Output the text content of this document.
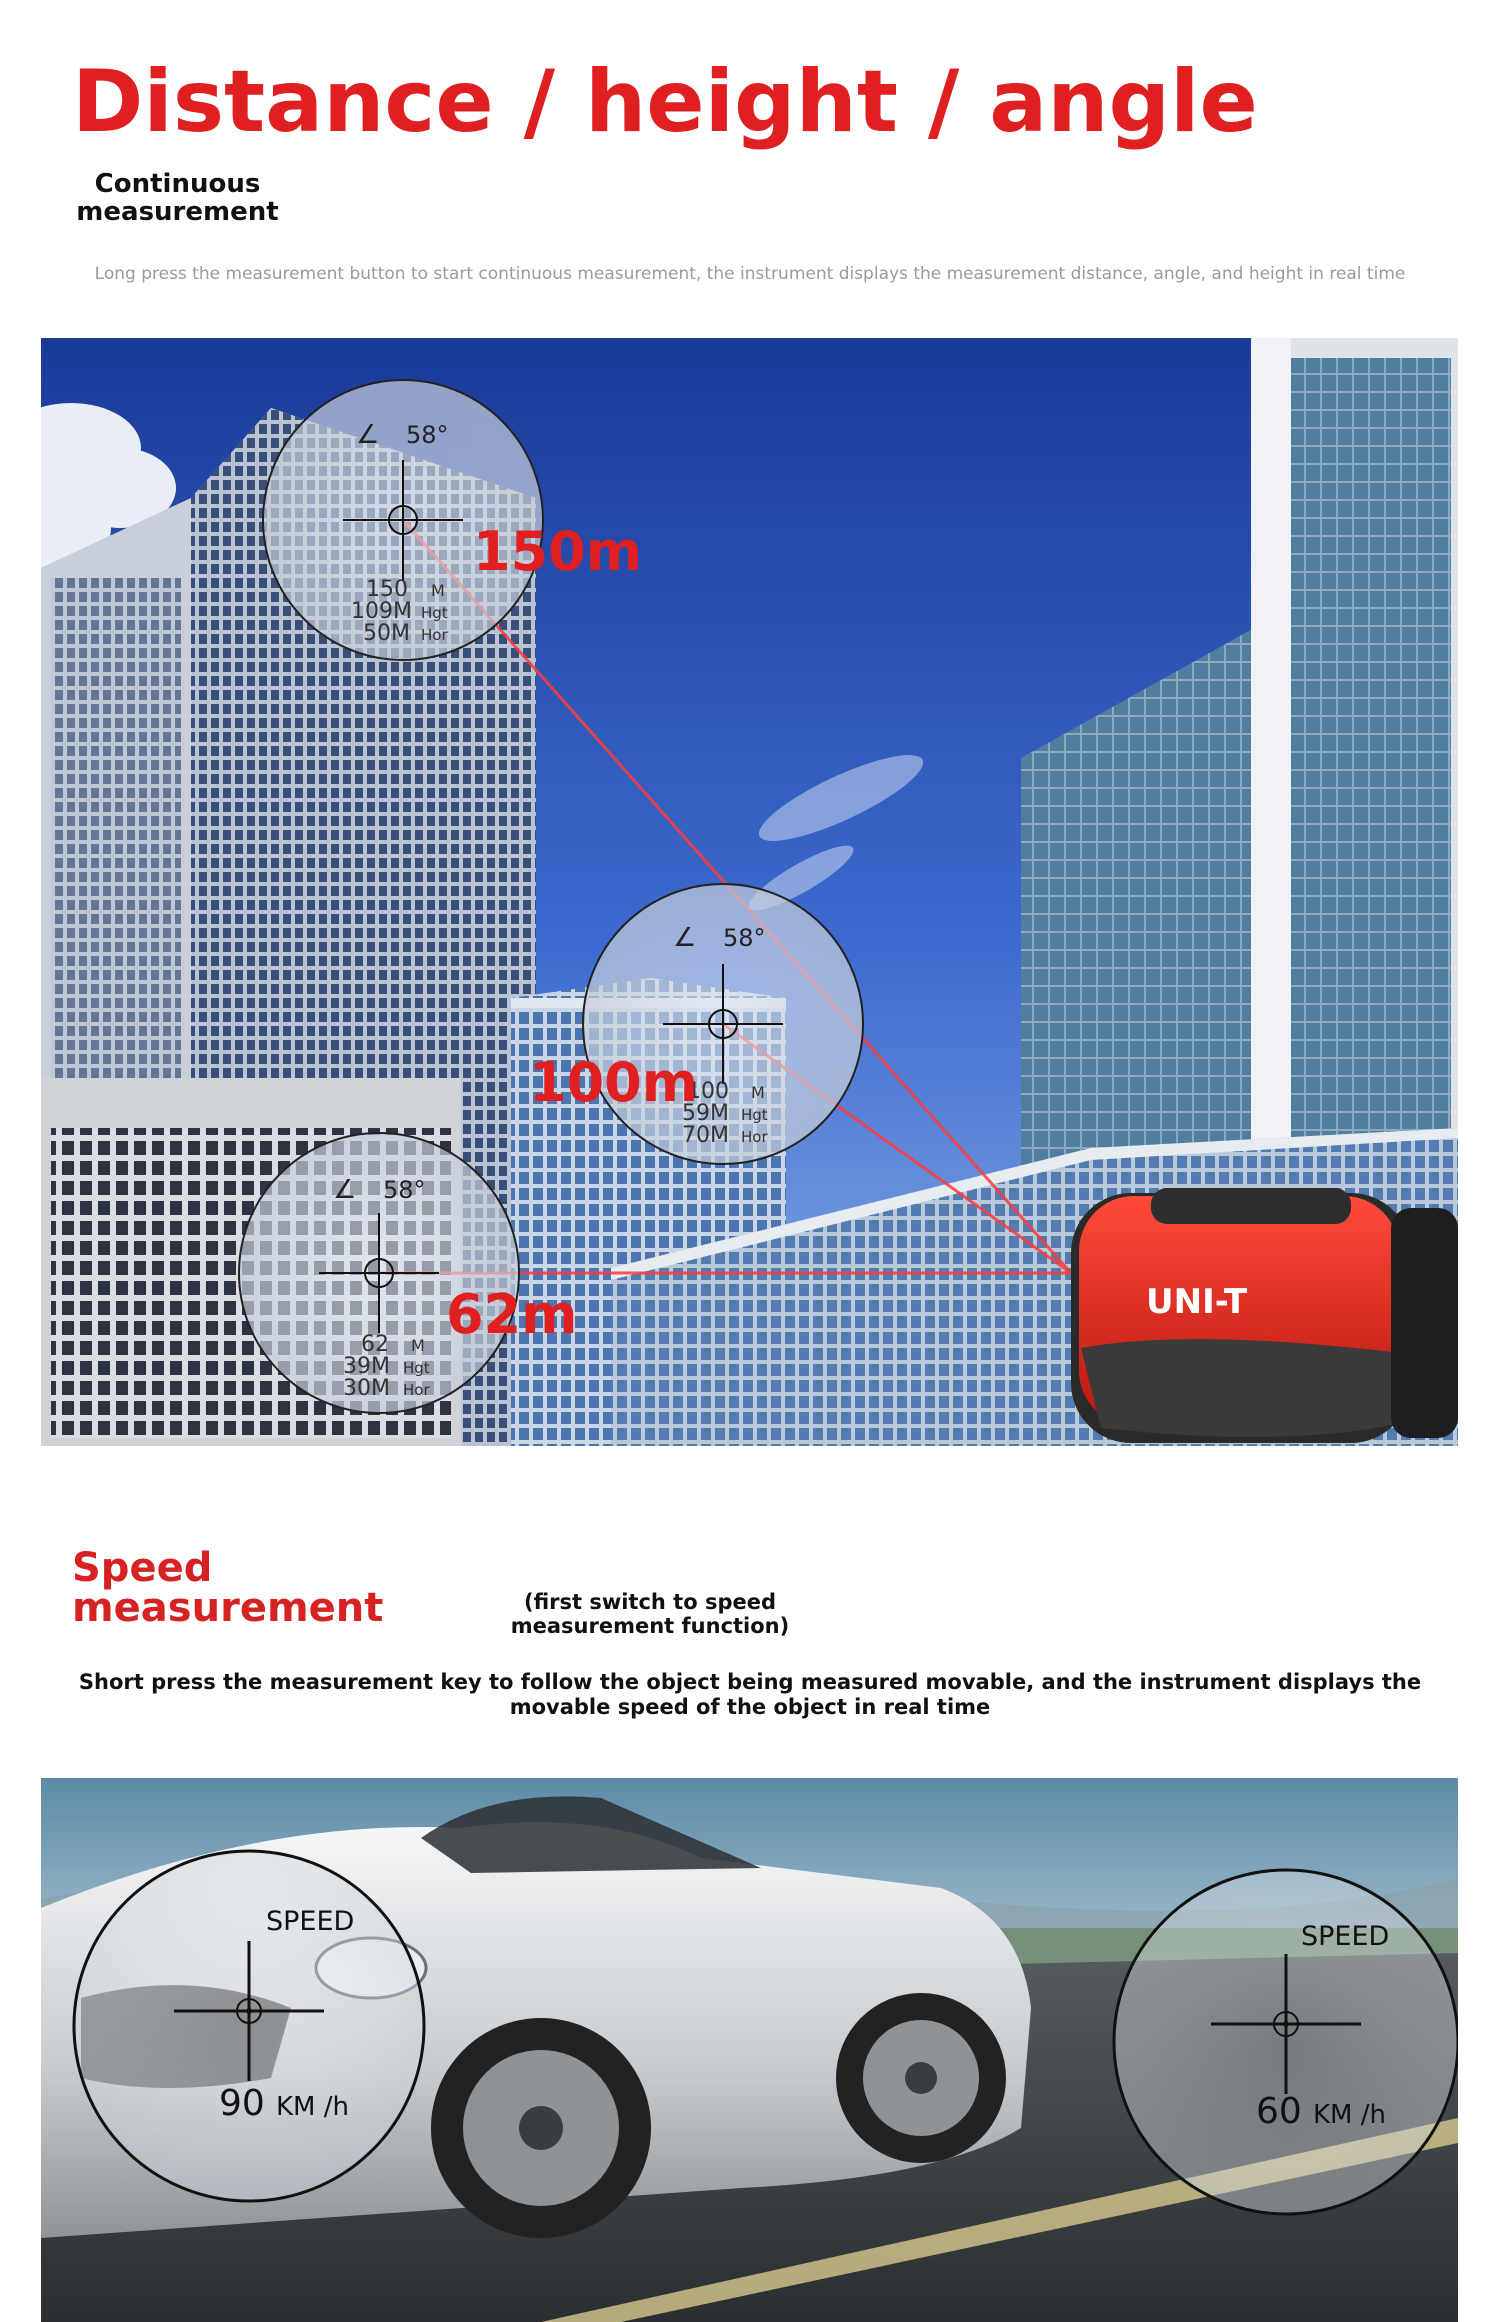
Distance / height / angle
Continuous measurement
Long press the measurement button to start continuous measurement, the instrument displays the measurement distance, angle, and height in real time
∠ 58°
150 M
109M Hgt
50M Hor
150m
∠ 58°
100 M
59M Hgt
70M Hor
100m
∠ 58°
62 M
39M Hgt
30M Hor
62m	UNI-T
Speed measurement	(first switch to speed measurement function)
Short press the measurement key to follow the object being measured movable, and the instrument displays the movable speed of the object in real time
SPEED
90 KM /h
SPEED
60 KM /h
